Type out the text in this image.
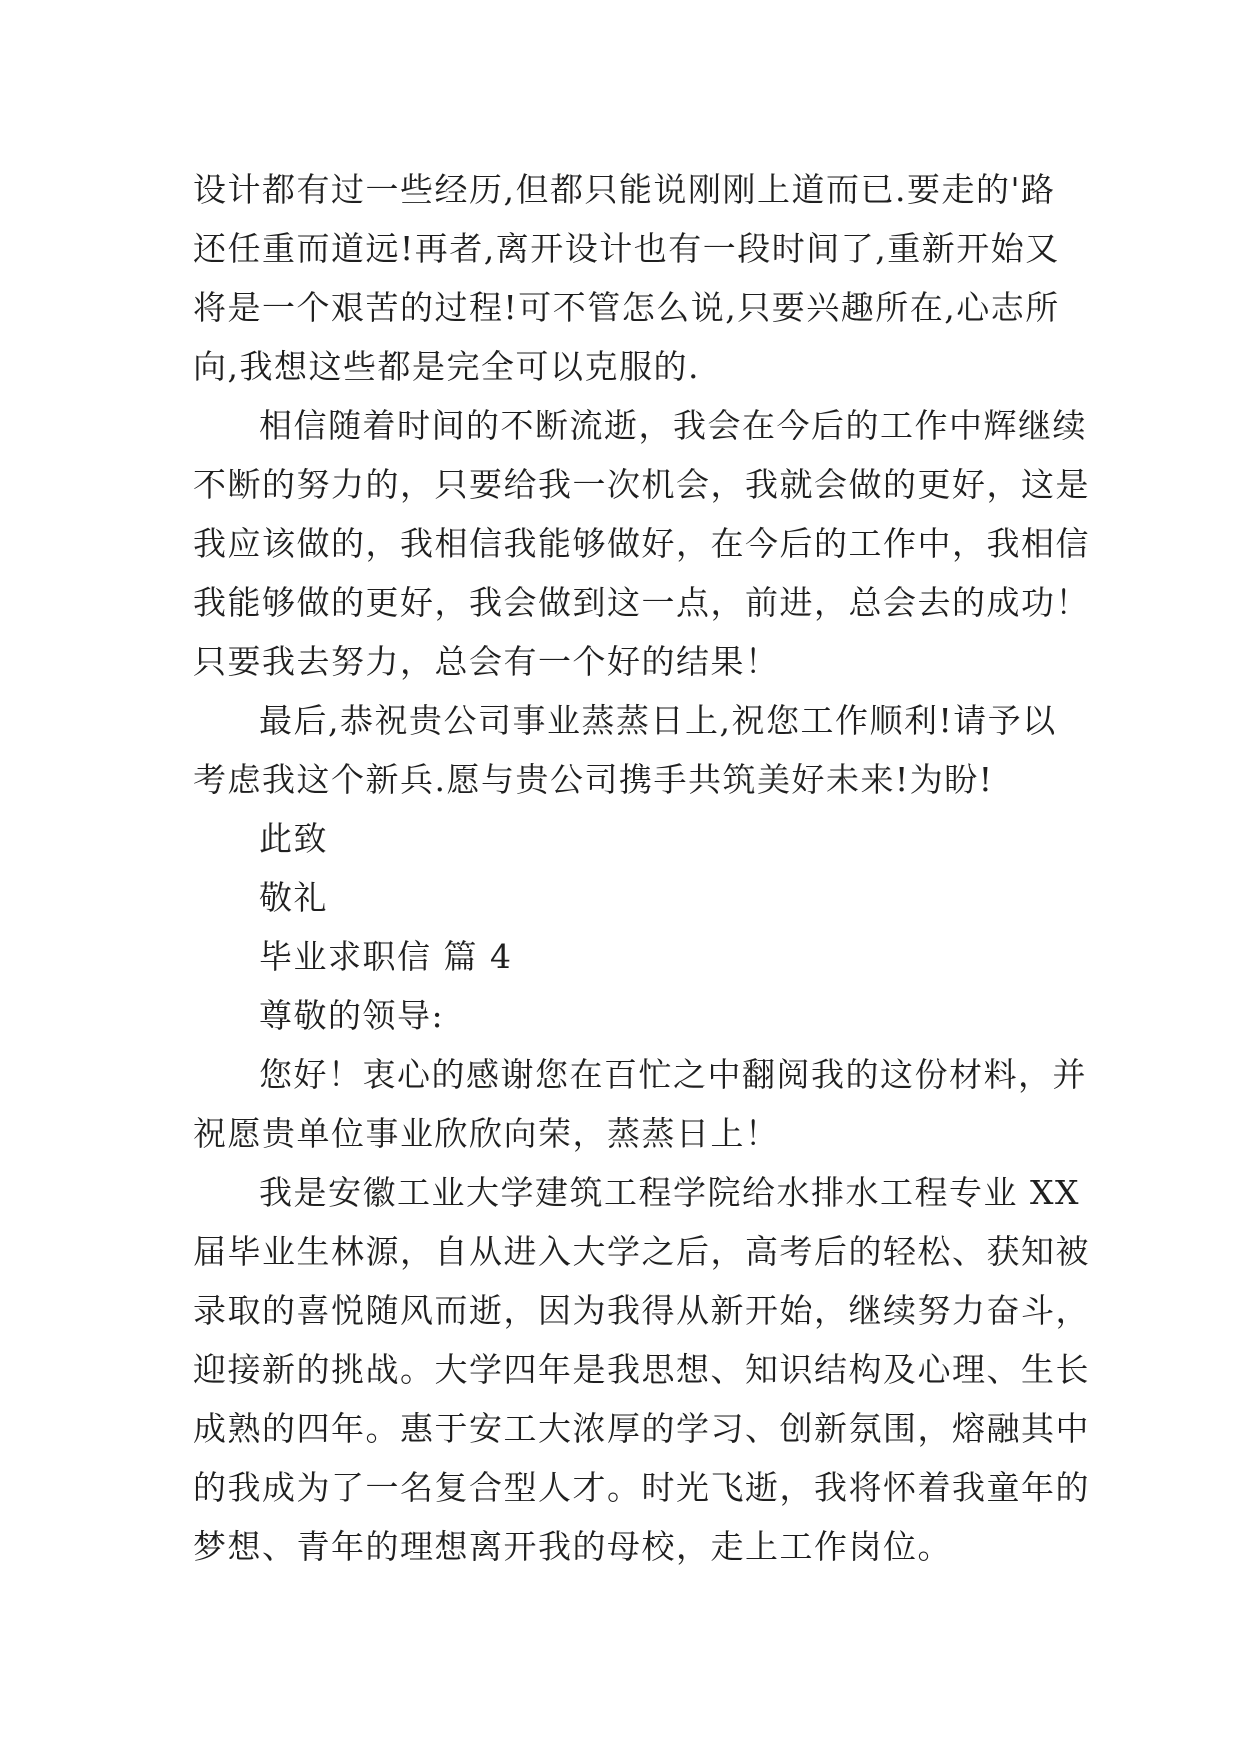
设计都有过一些经历,但都只能说刚刚上道而已.要走的'路
还任重而道远!再者,离开设计也有一段时间了,重新开始又
将是一个艰苦的过程!可不管怎么说,只要兴趣所在,心志所
向,我想这些都是完全可以克服的.
相信随着时间的不断流逝，我会在今后的工作中辉继续
不断的努力的，只要给我一次机会，我就会做的更好，这是
我应该做的，我相信我能够做好，在今后的工作中，我相信
我能够做的更好，我会做到这一点，前进，总会去的成功！
只要我去努力，总会有一个好的结果！
最后,恭祝贵公司事业蒸蒸日上,祝您工作顺利!请予以
考虑我这个新兵.愿与贵公司携手共筑美好未来!为盼!
此致
敬礼
毕业求职信 篇 4
尊敬的领导:
您好！衷心的感谢您在百忙之中翻阅我的这份材料，并
祝愿贵单位事业欣欣向荣，蒸蒸日上！
我是安徽工业大学建筑工程学院给水排水工程专业 XX
届毕业生林源，自从进入大学之后，高考后的轻松、获知被
录取的喜悦随风而逝，因为我得从新开始，继续努力奋斗，
迎接新的挑战。大学四年是我思想、知识结构及心理、生长
成熟的四年。惠于安工大浓厚的学习、创新氛围，熔融其中
的我成为了一名复合型人才。时光飞逝，我将怀着我童年的
梦想、青年的理想离开我的母校，走上工作岗位。
